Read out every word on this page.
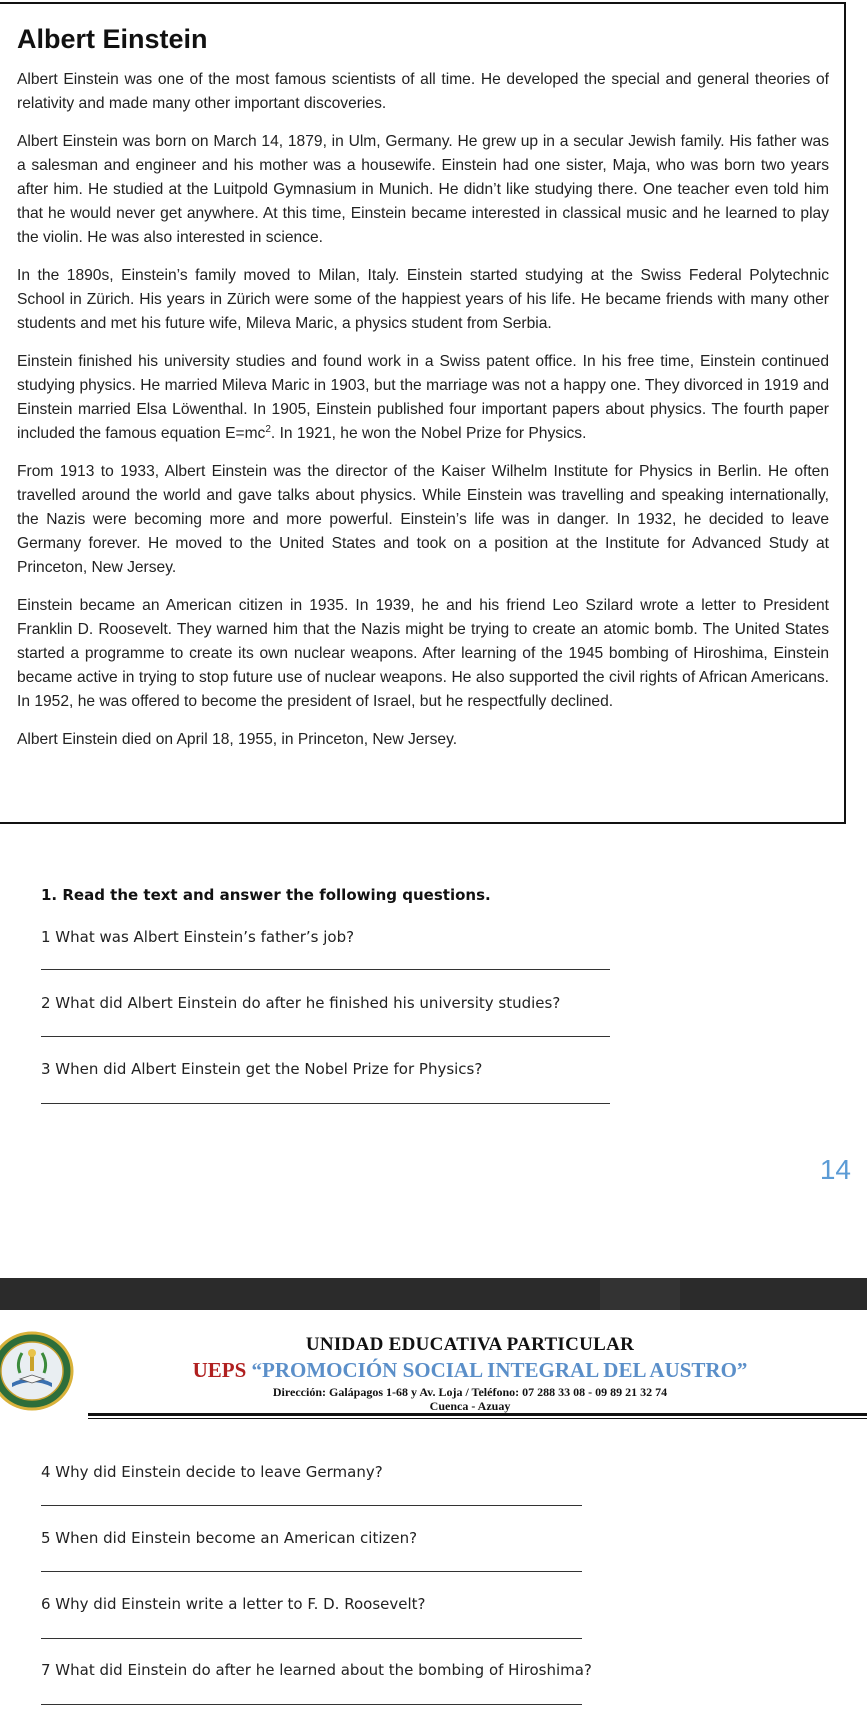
Albert Einstein

Albert Einstein was one of the most famous scientists of all time. He developed the special and general theories of relativity and made many other important discoveries.

Albert Einstein was born on March 14, 1879, in Ulm, Germany. He grew up in a secular Jewish family. His father was a salesman and engineer and his mother was a housewife. Einstein had one sister, Maja, who was born two years after him. He studied at the Luitpold Gymnasium in Munich. He didn’t like studying there. One teacher even told him that he would never get anywhere. At this time, Einstein became interested in classical music and he learned to play the violin. He was also interested in science.

In the 1890s, Einstein’s family moved to Milan, Italy. Einstein started studying at the Swiss Federal Polytechnic School in Zürich. His years in Zürich were some of the happiest years of his life. He became friends with many other students and met his future wife, Mileva Maric, a physics student from Serbia.

Einstein finished his university studies and found work in a Swiss patent office. In his free time, Einstein continued studying physics. He married Mileva Maric in 1903, but the marriage was not a happy one. They divorced in 1919 and Einstein married Elsa Löwenthal. In 1905, Einstein published four important papers about physics. The fourth paper included the famous equation $E=mc^2$. In 1921, he won the Nobel Prize for Physics.

From 1913 to 1933, Albert Einstein was the director of the Kaiser Wilhelm Institute for Physics in Berlin. He often travelled around the world and gave talks about physics. While Einstein was travelling and speaking internationally, the Nazis were becoming more and more powerful. Einstein’s life was in danger. In 1932, he decided to leave Germany forever. He moved to the United States and took on a position at the Institute for Advanced Study at Princeton, New Jersey.

Einstein became an American citizen in 1935. In 1939, he and his friend Leo Szilard wrote a letter to President Franklin D. Roosevelt. They warned him that the Nazis might be trying to create an atomic bomb. The United States started a programme to create its own nuclear weapons. After learning of the 1945 bombing of Hiroshima, Einstein became active in trying to stop future use of nuclear weapons. He also supported the civil rights of African Americans. In 1952, he was offered to become the president of Israel, but he respectfully declined.

Albert Einstein died on April 18, 1955, in Princeton, New Jersey.

1. Read the text and answer the following questions.
1 What was Albert Einstein’s father’s job?
2 What did Albert Einstein do after he finished his university studies?
3 When did Albert Einstein get the Nobel Prize for Physics?
14
UNIDAD EDUCATIVA PARTICULAR
UEPS “PROMOCIÓN SOCIAL INTEGRAL DEL AUSTRO”
Dirección: Galápagos 1-68 y Av. Loja / Teléfono: 07 288 33 08 - 09 89 21 32 74
Cuenca - Azuay
4 Why did Einstein decide to leave Germany?
5 When did Einstein become an American citizen?
6 Why did Einstein write a letter to F. D. Roosevelt?
7 What did Einstein do after he learned about the bombing of Hiroshima?
